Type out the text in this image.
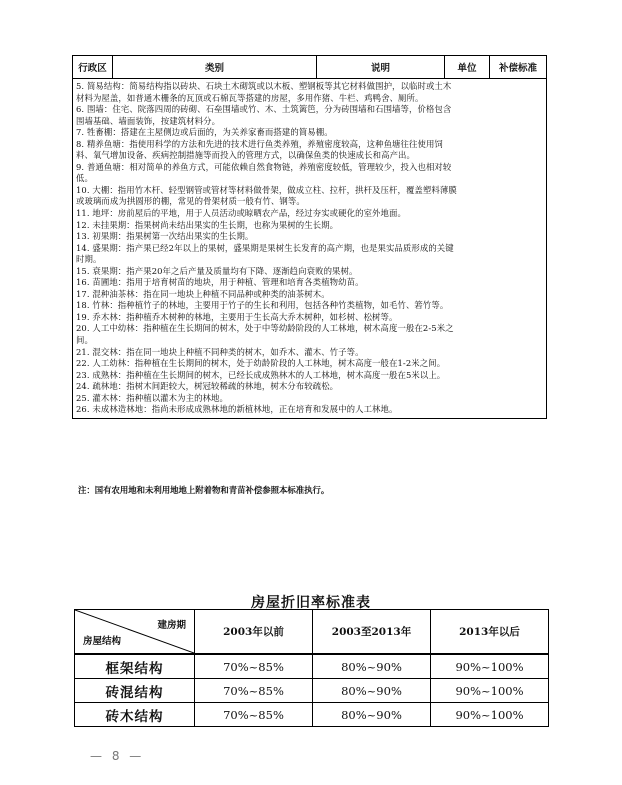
行政区	类别	说明	单位	补偿标准

5. 简易结构：简易结构指以砖块、石块土木砌筑或以木板、塑钢板等其它材料做围护，以临时或土木
材料为屋盖，如普通木栅条的瓦顶或石棉瓦等搭建的房屋，多用作猪、牛栏、鸡鸭舍、厕所。
6. 围墙：住宅、院落四周的砖砌、石垒围墙或竹、木、土筑篱笆，分为砖围墙和石围墙等，价格包含
围墙基础、墙面装饰，按建筑材料分。
7. 牲畜棚：搭建在主屋侧边或后面的，为关养家畜而搭建的简易棚。
8. 精养鱼塘：指使用科学的方法和先进的技术进行鱼类养殖，养殖密度较高，这种鱼塘往往使用饲
料、氧气增加设备、疾病控制措施等而投入的管理方式，以确保鱼类的快速成长和高产出。
9. 普通鱼塘：相对简单的养鱼方式，可能依赖自然食物链，养殖密度较低，管理较少，投入也相对较
低。
10. 大棚：指用竹木杆、轻型钢管或管材等材料做骨架，做成立柱、拉杆，拱杆及压杆，覆盖塑料薄膜
或玻璃而成为拱圆形的棚，常见的骨架材质一般有竹、钢等。
11. 地坪：房前屋后的平地，用于人员活动或晾晒农产品，经过夯实或硬化的室外地面。
12. 未挂果期：指果树尚未结出果实的生长期，也称为果树的生长期。
13. 初果期：指果树第一次结出果实的生长期。
14. 盛果期：指产果已经2年以上的果树，盛果期是果树生长发育的高产期，也是果实品质形成的关键
时期。
15. 衰果期：指产果20年之后产量及质量均有下降、逐渐趋向衰败的果树。
16. 苗圃地：指用于培育树苗的地块，用于种植、管理和培育各类植物幼苗。
17. 混种油茶林：指在同一地块上种植不同品种或种类的油茶树木。
18. 竹林：指种植竹子的林地，主要用于竹子的生长和利用，包括各种竹类植物，如毛竹、箬竹等。
19. 乔木林：指种植乔木树种的林地，主要用于生长高大乔木树种，如杉树、松树等。
20. 人工中幼林：指种植在生长期间的树木，处于中等幼龄阶段的人工林地，树木高度一般在2-5米之
间。
21. 混交林：指在同一地块上种植不同种类的树木，如乔木、灌木、竹子等。
22. 人工幼林：指种植在生长期间的树木，处于幼龄阶段的人工林地，树木高度一般在1-2米之间。
23. 成熟林：指种植在生长期间的树木，已经长成成熟林木的人工林地，树木高度一般在5米以上。
24. 疏林地：指树木间距较大，树冠较稀疏的林地，树木分布较疏松。
25. 灌木林：指种植以灌木为主的林地。
26. 未成林造林地：指尚未形成成熟林地的新植林地，正在培育和发展中的人工林地。
注：国有农用地和未利用地地上附着物和青苗补偿参照本标准执行。
房屋折旧率标准表
建房期
房屋结构	2003年以前	2003至2013年	2013年以后
框架结构	70%~85%	80%~90%	90%~100%
砖混结构	70%~85%	80%~90%	90%~100%
砖木结构	70%~85%	80%~90%	90%~100%
— 8 —
